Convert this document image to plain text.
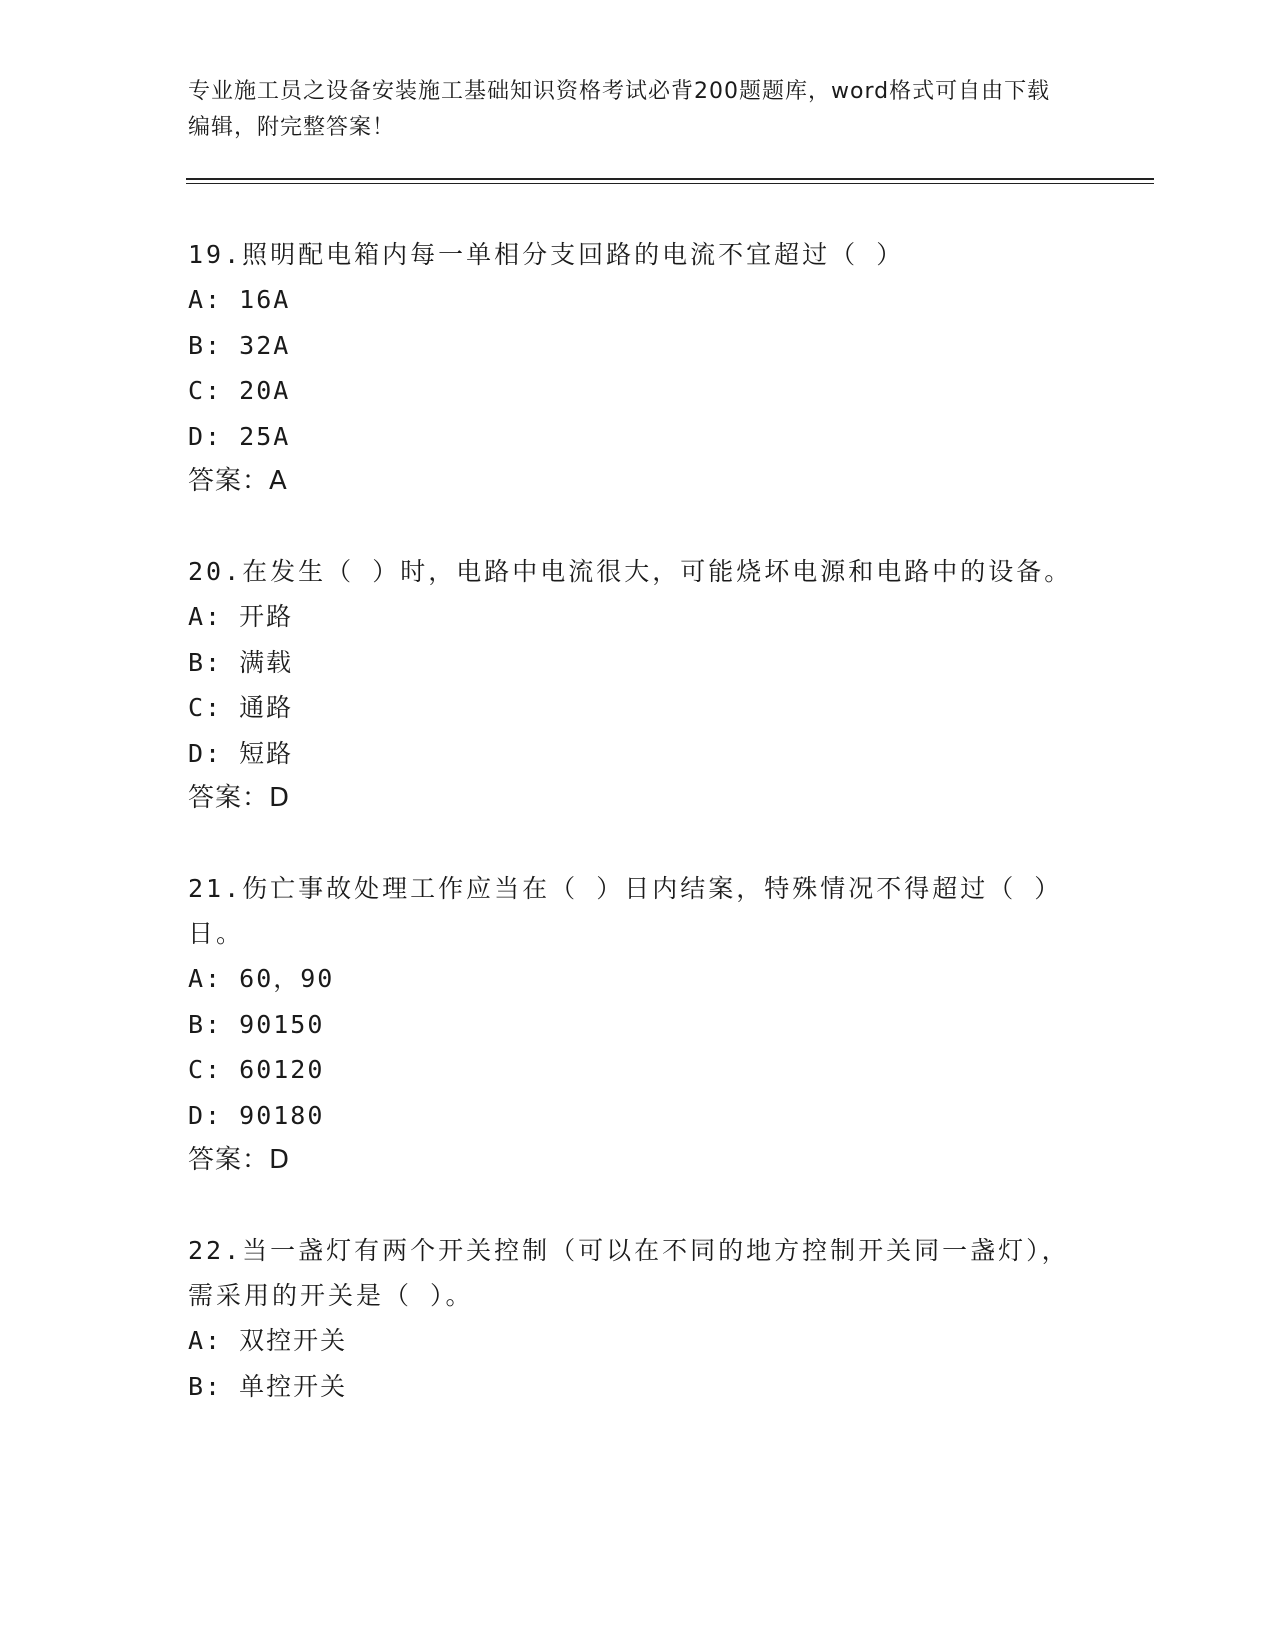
专业施工员之设备安装施工基础知识资格考试必背200题题库，word格式可自由下载编辑，附完整答案！
19.照明配电箱内每一单相分支回路的电流不宜超过（ ）
A: 16A
B: 32A
C: 20A
D: 25A
答案：A
20.在发生（ ）时，电路中电流很大，可能烧坏电源和电路中的设备。
A: 开路
B: 满载
C: 通路
D: 短路
答案：D
21.伤亡事故处理工作应当在（ ）日内结案，特殊情况不得超过（ ）日。
A: 60，90
B: 90150
C: 60120
D: 90180
答案：D
22.当一盏灯有两个开关控制（可以在不同的地方控制开关同一盏灯），需采用的开关是（ ）。
A: 双控开关
B: 单控开关
